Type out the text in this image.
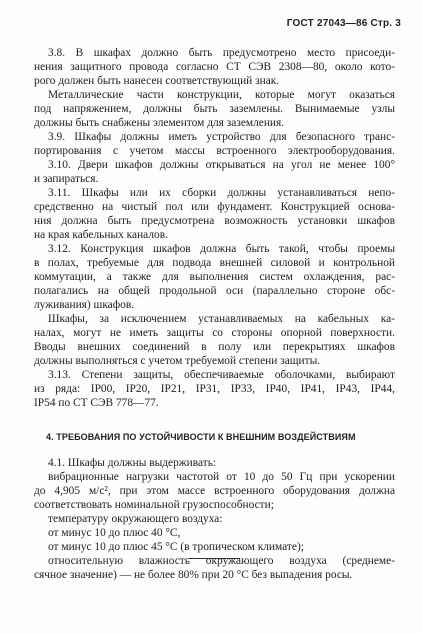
ГОСТ 27043—86 Стр. 3
3.8. В шкафах должно быть предусмотрено место присоеди-
нения защитного провода согласно СТ СЭВ 2308—80, около кото-
рого должен быть нанесен соответствующий знак.
Металлические части конструкции, которые могут оказаться
под напряжением, должны быть заземлены. Вынимаемые узлы
должны быть снабжены элементом для заземления.
3.9. Шкафы должны иметь устройство для безопасного транс-
портирования с учетом массы встроенного электрооборудования.
3.10. Двери шкафов должны открываться на угол не менее 100°
и запираться.
3.11. Шкафы или их сборки должны устанавливаться непо-
средственно на чистый пол или фундамент. Конструкцией основа-
ния должна быть предусмотрена возможность установки шкафов
на края кабельных каналов.
3.12. Конструкция шкафов должна быть такой, чтобы проемы
в полах, требуемые для подвода внешней силовой и контрольной
коммутации, а также для выполнения систем охлаждения, рас-
полагались на общей продольной оси (параллельно стороне обс-
луживания) шкафов.
Шкафы, за исключением устанавливаемых на кабельных ка-
налах, могут не иметь защиты со стороны опорной поверхности.
Вводы внешних соединений в полу или перекрытиях шкафов
должны выполняться с учетом требуемой степени защиты.
3.13. Степени защиты, обеспечиваемые оболочками, выбирают
из ряда: IP00, IP20, IP21, IP31, IP33, IP40, IP41, IP43, IP44,
IP54 по СТ СЭВ 778—77.
4. ТРЕБОВАНИЯ ПО УСТОЙЧИВОСТИ К ВНЕШНИМ ВОЗДЕЙСТВИЯМ
4.1. Шкафы должны выдерживать:
вибрационные нагрузки частотой от 10 до 50 Гц при ускорении
до 4,905 м/с², при этом массе встроенного оборудования должна
соответствовать номинальной грузоспособности;
температуру окружающего воздуха:
от минус 10 до плюс 40 °С,
от минус 10 до плюс 45 °С (в тропическом климате);
относительную влажность окружающего воздуха (среднеме-
сячное значение) — не более 80% при 20 °С без выпадения росы.
